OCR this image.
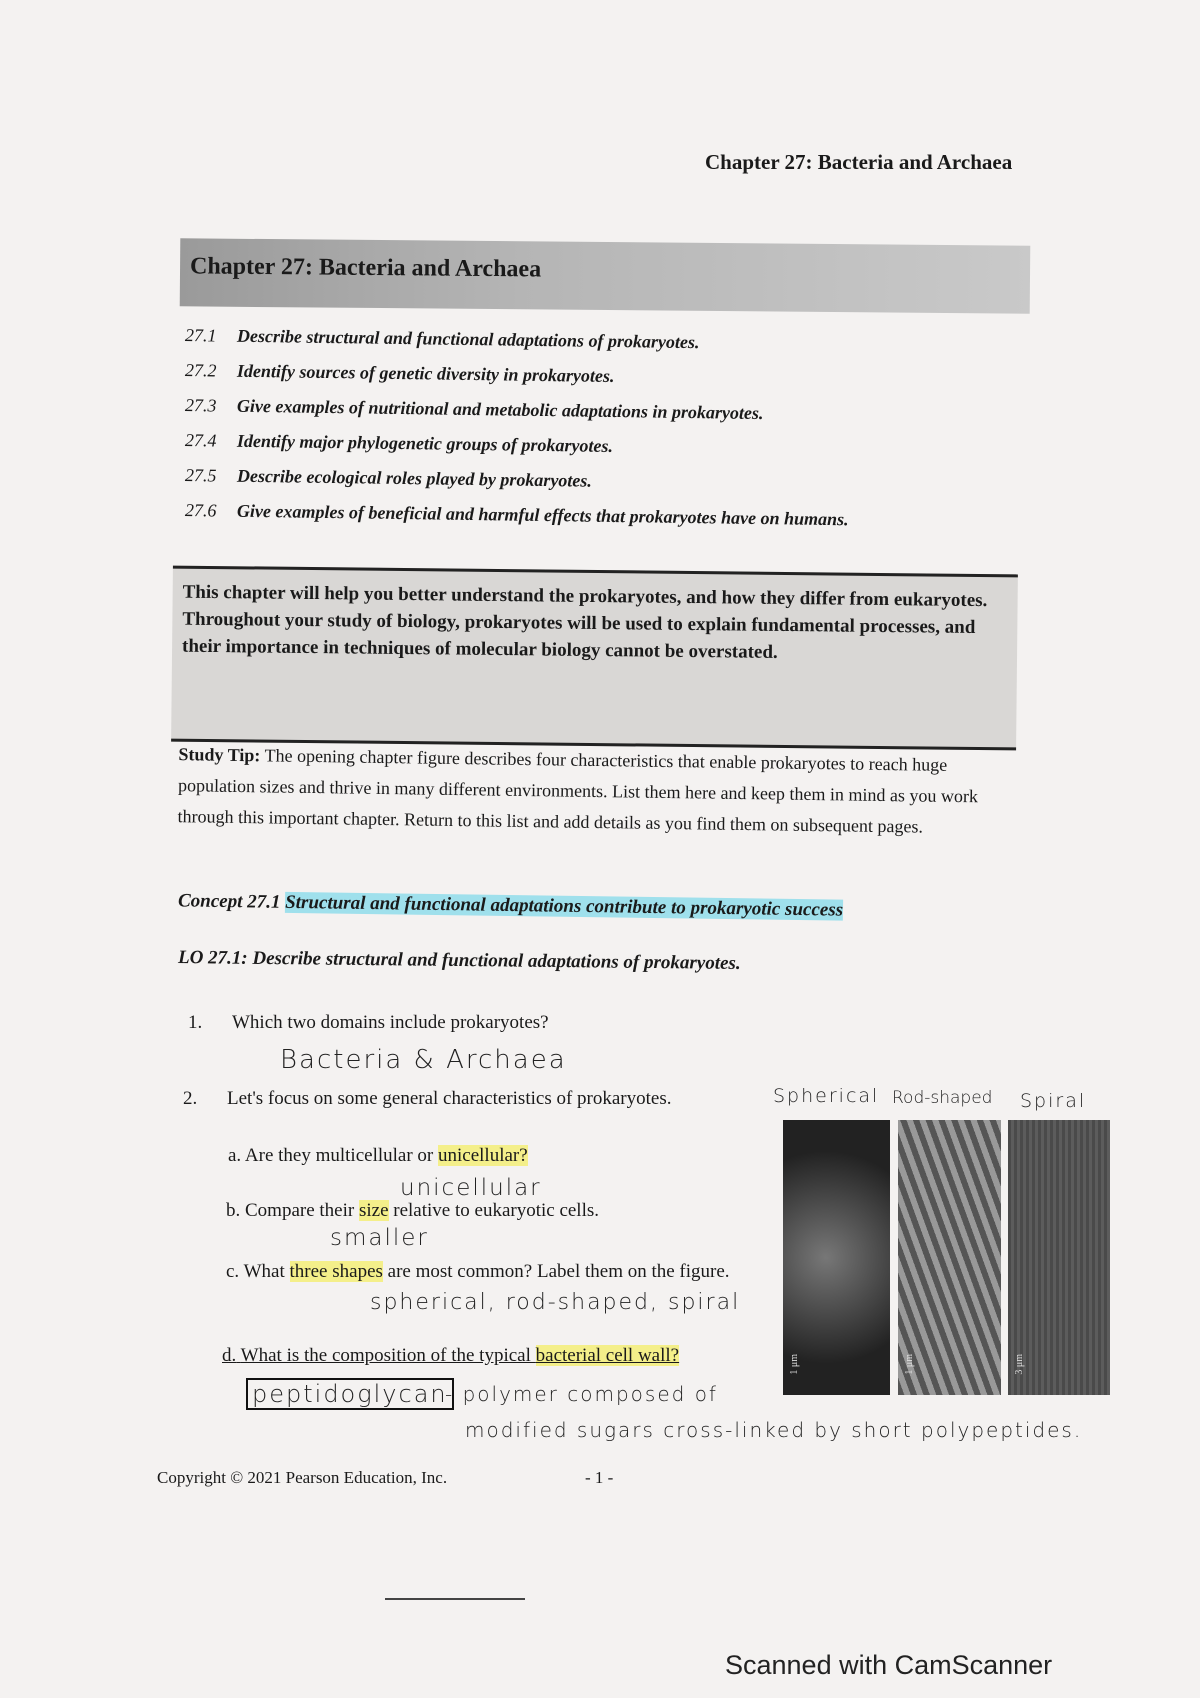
Chapter 27: Bacteria and Archaea
Chapter 27: Bacteria and Archaea
27.1 Describe structural and functional adaptations of prokaryotes.
27.2 Identify sources of genetic diversity in prokaryotes.
27.3 Give examples of nutritional and metabolic adaptations in prokaryotes.
27.4 Identify major phylogenetic groups of prokaryotes.
27.5 Describe ecological roles played by prokaryotes.
27.6 Give examples of beneficial and harmful effects that prokaryotes have on humans.

This chapter will help you better understand the prokaryotes, and how they differ from eukaryotes. Throughout your study of biology, prokaryotes will be used to explain fundamental processes, and their importance in techniques of molecular biology cannot be overstated.

Study Tip: The opening chapter figure describes four characteristics that enable prokaryotes to reach huge population sizes and thrive in many different environments. List them here and keep them in mind as you work through this important chapter. Return to this list and add details as you find them on subsequent pages.
Concept 27.1 Structural and functional adaptations contribute to prokaryotic success
LO 27.1: Describe structural and functional adaptations of prokaryotes.
1. Which two domains include prokaryotes?
Bacteria & Archaea
2. Let's focus on some general characteristics of prokaryotes.
a. Are they multicellular or unicellular?
unicellular
b. Compare their size relative to eukaryotic cells.
smaller
c. What three shapes are most common? Label them on the figure.
spherical, rod-shaped, spiral
d. What is the composition of the typical bacterial cell wall?
peptidoglycan
- polymer composed of
modified sugars cross-linked by short polypeptides.
Spherical Rod-shaped Spiral
1 μm	1 μm	3 μm
Copyright © 2021 Pearson Education, Inc.	- 1 -
Scanned with CamScanner
